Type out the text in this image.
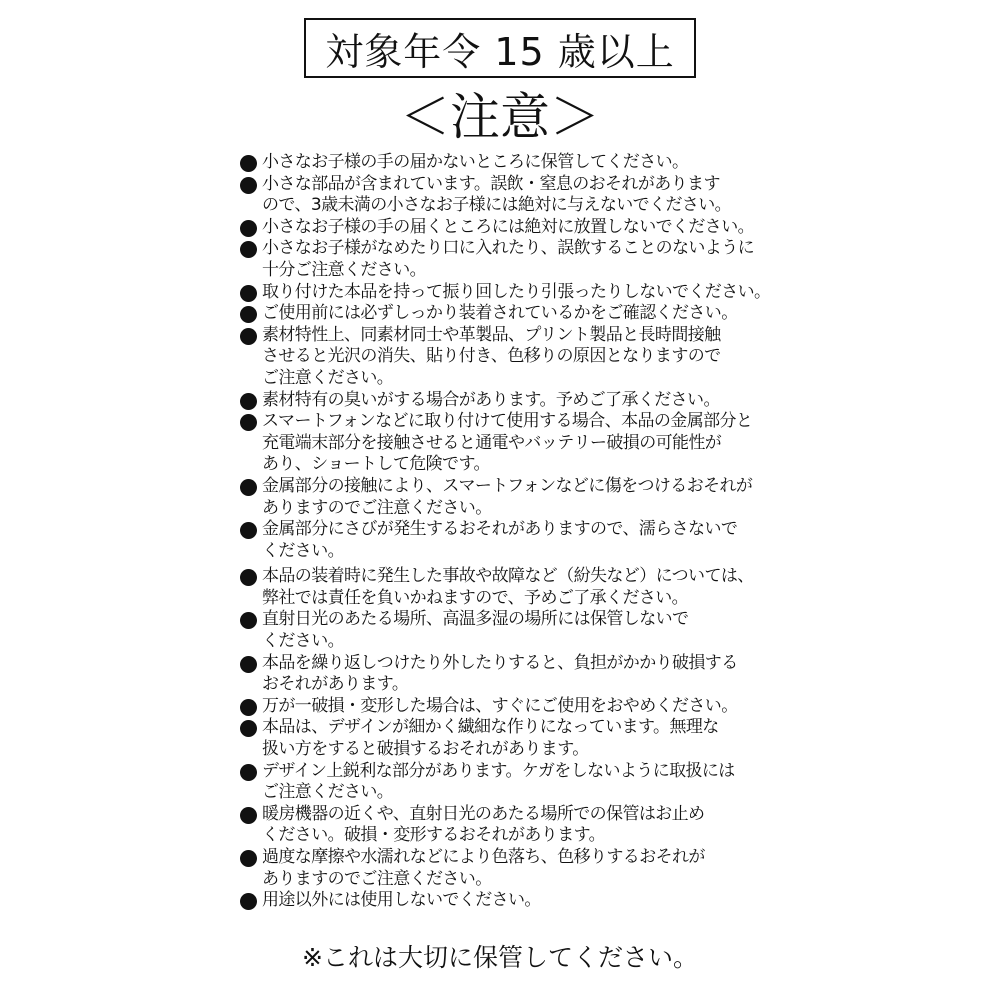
対象年令 15 歳以上
＜注意＞
小さなお子様の手の届かないところに保管してください。
小さな部品が含まれています。誤飲・窒息のおそれがあります
ので、3歳未満の小さなお子様には絶対に与えないでください。
小さなお子様の手の届くところには絶対に放置しないでください。
小さなお子様がなめたり口に入れたり、誤飲することのないように
十分ご注意ください。
取り付けた本品を持って振り回したり引張ったりしないでください。
ご使用前には必ずしっかり装着されているかをご確認ください。
素材特性上、同素材同士や革製品、プリント製品と長時間接触
させると光沢の消失、貼り付き、色移りの原因となりますので
ご注意ください。
素材特有の臭いがする場合があります。予めご了承ください。
スマートフォンなどに取り付けて使用する場合、本品の金属部分と
充電端末部分を接触させると通電やバッテリー破損の可能性が
あり、ショートして危険です。
金属部分の接触により、スマートフォンなどに傷をつけるおそれが
ありますのでご注意ください。
金属部分にさびが発生するおそれがありますので、濡らさないで
ください。
本品の装着時に発生した事故や故障など（紛失など）については、
弊社では責任を負いかねますので、予めご了承ください。
直射日光のあたる場所、高温多湿の場所には保管しないで
ください。
本品を繰り返しつけたり外したりすると、負担がかかり破損する
おそれがあります。
万が一破損・変形した場合は、すぐにご使用をおやめください。
本品は、デザインが細かく繊細な作りになっています。無理な
扱い方をすると破損するおそれがあります。
デザイン上鋭利な部分があります。ケガをしないように取扱には
ご注意ください。
暖房機器の近くや、直射日光のあたる場所での保管はお止め
ください。破損・変形するおそれがあります。
過度な摩擦や水濡れなどにより色落ち、色移りするおそれが
ありますのでご注意ください。
用途以外には使用しないでください。
※これは大切に保管してください。
